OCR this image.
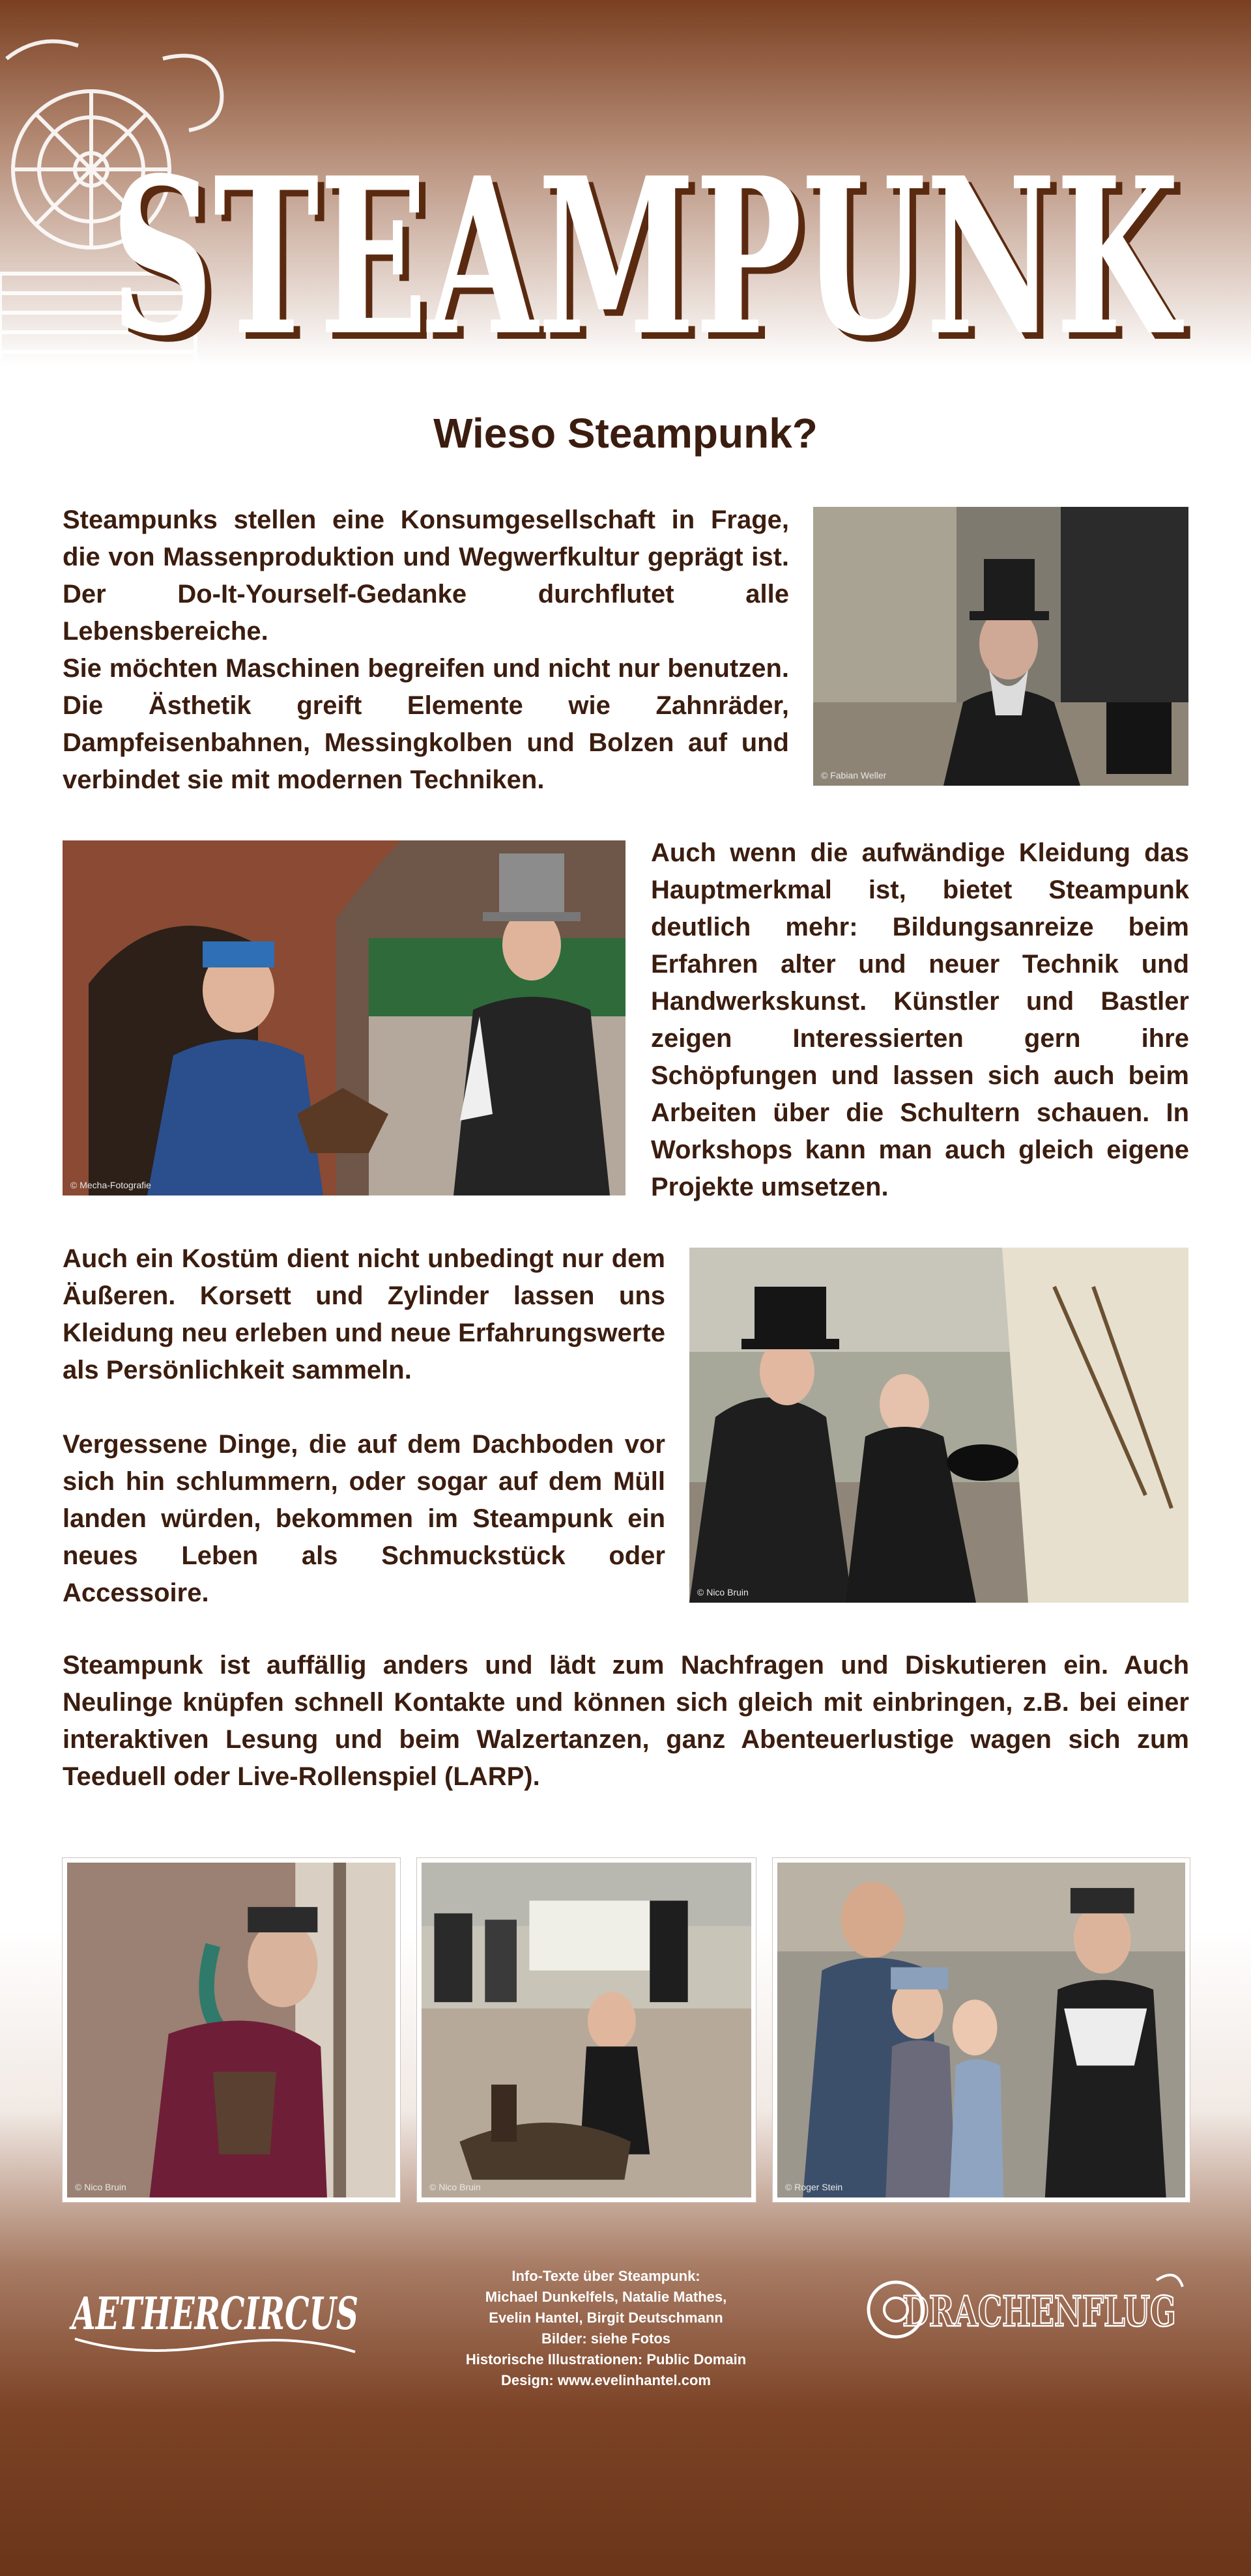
STEAMPUNK
STEAMPUNK
Wieso Steampunk?

Steampunks stellen eine Konsumgesellschaft in Frage, die von Massenproduktion und Wegwerfkultur geprägt ist. Der Do-It-Yourself-Gedanke durchflutet alle Lebensbereiche.

Sie möchten Maschinen begreifen und nicht nur benutzen. Die Ästhetik greift Elemente wie Zahnräder, Dampfeisenbahnen, Messingkolben und Bolzen auf und verbindet sie mit modernen Techniken.	© Fabian Weller
© Mecha-Fotografie

Auch wenn die aufwändige Kleidung das Hauptmerkmal ist, bietet Steampunk deutlich mehr: Bildungsanreize beim Erfahren alter und neuer Technik und Handwerkskunst. Künstler und Bastler zeigen Interessierten gern ihre Schöpfungen und lassen sich auch beim Arbeiten über die Schultern schauen. In Workshops kann man auch gleich eigene Projekte umsetzen.

Auch ein Kostüm dient nicht unbedingt nur dem Äußeren. Korsett und Zylinder lassen uns Kleidung neu erleben und neue Erfahrungswerte als Persönlichkeit sammeln.

Vergessene Dinge, die auf dem Dachboden vor sich hin schlummern, oder sogar auf dem Müll landen würden, bekommen im Steampunk ein neues Leben als Schmuckstück oder Accessoire.	© Nico Bruin

Steampunk ist auffällig anders und lädt zum Nachfragen und Diskutieren ein. Auch Neulinge knüpfen schnell Kontakte und können sich gleich mit einbringen, z.B. bei einer interaktiven Lesung und beim Walzertanzen, ganz Abenteuerlustige wagen sich zum Teeduell oder Live-Rollenspiel (LARP).

© Nico Bruin	© Nico Bruin	© Roger Stein
AETHERCIRCUS
Info-Texte über Steampunk:
Michael Dunkelfels, Natalie Mathes,
Evelin Hantel, Birgit Deutschmann
Bilder: siehe Fotos
Historische Illustrationen: Public Domain
Design: www.evelinhantel.com
DRACHENFLUG
